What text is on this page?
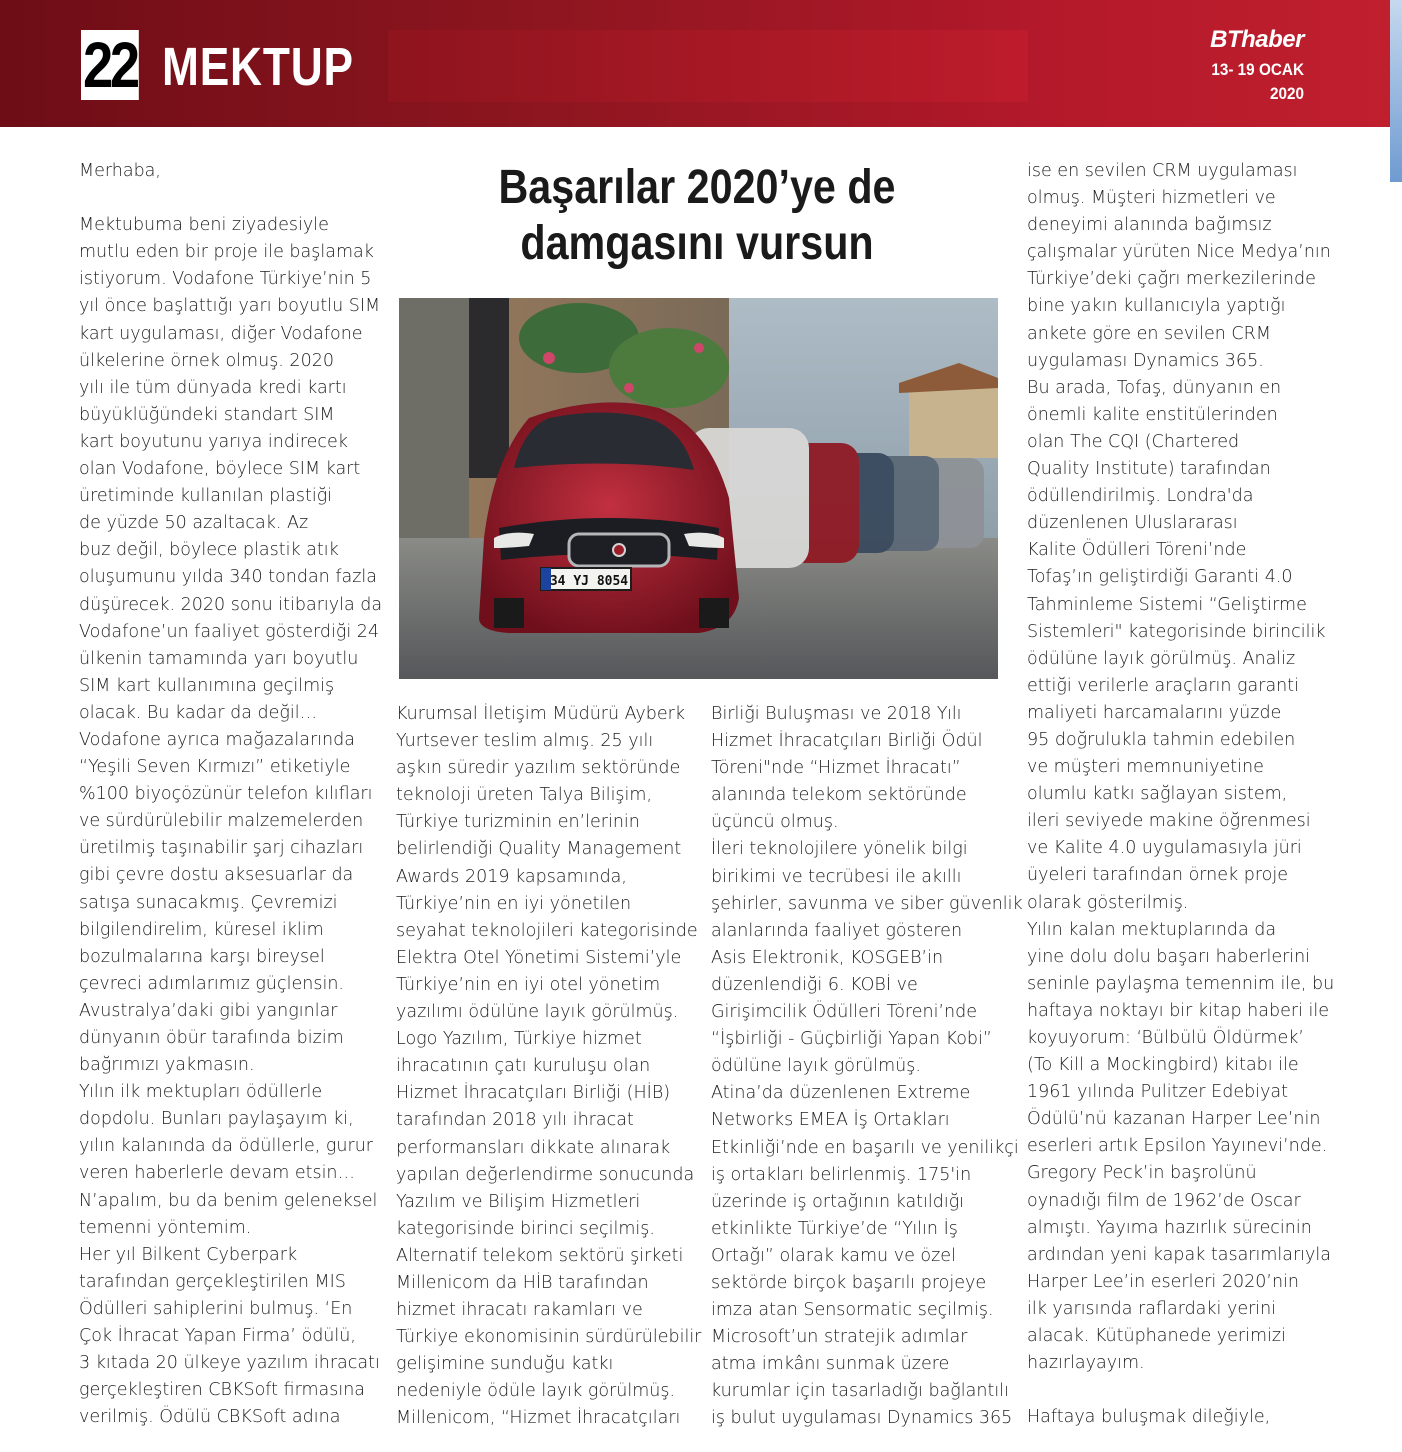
22 MEKTUP	BThaber
13- 19 OCAK
2020
Merhaba,
Mektubuma beni ziyadesiyle
mutlu eden bir proje ile başlamak
istiyorum. Vodafone Türkiye’nin 5
yıl önce başlattığı yarı boyutlu SIM
kart uygulaması, diğer Vodafone
ülkelerine örnek olmuş. 2020
yılı ile tüm dünyada kredi kartı
büyüklüğündeki standart SIM
kart boyutunu yarıya indirecek
olan Vodafone, böylece SIM kart
üretiminde kullanılan plastiği
de yüzde 50 azaltacak. Az
buz değil, böylece plastik atık
oluşumunu yılda 340 tondan fazla
düşürecek. 2020 sonu itibarıyla da
Vodafone’un faaliyet gösterdiği 24
ülkenin tamamında yarı boyutlu
SIM kart kullanımına geçilmiş
olacak. Bu kadar da değil…
Vodafone ayrıca mağazalarında
“Yeşili Seven Kırmızı” etiketiyle
%100 biyoçözünür telefon kılıfları
ve sürdürülebilir malzemelerden
üretilmiş taşınabilir şarj cihazları
gibi çevre dostu aksesuarlar da
satışa sunacakmış. Çevremizi
bilgilendirelim, küresel iklim
bozulmalarına karşı bireysel
çevreci adımlarımız güçlensin.
Avustralya’daki gibi yangınlar
dünyanın öbür tarafında bizim
bağrımızı yakmasın.
Yılın ilk mektupları ödüllerle
dopdolu. Bunları paylaşayım ki,
yılın kalanında da ödüllerle, gurur
veren haberlerle devam etsin…
N’apalım, bu da benim geleneksel
temenni yöntemim.
Her yıl Bilkent Cyberpark
tarafından gerçekleştirilen MIS
Ödülleri sahiplerini bulmuş. ‘En
Çok İhracat Yapan Firma’ ödülü,
3 kıtada 20 ülkeye yazılım ihracatı
gerçekleştiren CBKSoft firmasına
verilmiş. Ödülü CBKSoft adına
Başarılar 2020’ye de
damgasını vursun
34 YJ 8054
Kurumsal İletişim Müdürü Ayberk
Yurtsever teslim almış. 25 yılı
aşkın süredir yazılım sektöründe
teknoloji üreten Talya Bilişim,
Türkiye turizminin en’lerinin
belirlendiği Quality Management
Awards 2019 kapsamında,
Türkiye’nin en iyi yönetilen
seyahat teknolojileri kategorisinde
Elektra Otel Yönetimi Sistemi’yle
Türkiye’nin en iyi otel yönetim
yazılımı ödülüne layık görülmüş.
Logo Yazılım, Türkiye hizmet
ihracatının çatı kuruluşu olan
Hizmet İhracatçıları Birliği (HİB)
tarafından 2018 yılı ihracat
performansları dikkate alınarak
yapılan değerlendirme sonucunda
Yazılım ve Bilişim Hizmetleri
kategorisinde birinci seçilmiş.
Alternatif telekom sektörü şirketi
Millenicom da HİB tarafından
hizmet ihracatı rakamları ve
Türkiye ekonomisinin sürdürülebilir
gelişimine sunduğu katkı
nedeniyle ödüle layık görülmüş.
Millenicom, “Hizmet İhracatçıları
Birliği Buluşması ve 2018 Yılı
Hizmet İhracatçıları Birliği Ödül
Töreni"nde “Hizmet İhracatı”
alanında telekom sektöründe
üçüncü olmuş.
İleri teknolojilere yönelik bilgi
birikimi ve tecrübesi ile akıllı
şehirler, savunma ve siber güvenlik
alanlarında faaliyet gösteren
Asis Elektronik, KOSGEB’in
düzenlendiği 6. KOBİ ve
Girişimcilik Ödülleri Töreni’nde
“İşbirliği - Güçbirliği Yapan Kobi”
ödülüne layık görülmüş.
Atina’da düzenlenen Extreme
Networks EMEA İş Ortakları
Etkinliği’nde en başarılı ve yenilikçi
iş ortakları belirlenmiş. 175'in
üzerinde iş ortağının katıldığı
etkinlikte Türkiye’de “Yılın İş
Ortağı” olarak kamu ve özel
sektörde birçok başarılı projeye
imza atan Sensormatic seçilmiş.
Microsoft’un stratejik adımlar
atma imkânı sunmak üzere
kurumlar için tasarladığı bağlantılı
iş bulut uygulaması Dynamics 365
ise en sevilen CRM uygulaması
olmuş. Müşteri hizmetleri ve
deneyimi alanında bağımsız
çalışmalar yürüten Nice Medya’nın
Türkiye’deki çağrı merkezilerinde
bine yakın kullanıcıyla yaptığı
ankete göre en sevilen CRM
uygulaması Dynamics 365.
Bu arada, Tofaş, dünyanın en
önemli kalite enstitülerinden
olan The CQI (Chartered
Quality Institute) tarafından
ödüllendirilmiş. Londra'da
düzenlenen Uluslararası
Kalite Ödülleri Töreni’nde
Tofaş’ın geliştirdiği Garanti 4.0
Tahminleme Sistemi “Geliştirme
Sistemleri" kategorisinde birincilik
ödülüne layık görülmüş. Analiz
ettiği verilerle araçların garanti
maliyeti harcamalarını yüzde
95 doğrulukla tahmin edebilen
ve müşteri memnuniyetine
olumlu katkı sağlayan sistem,
ileri seviyede makine öğrenmesi
ve Kalite 4.0 uygulamasıyla jüri
üyeleri tarafından örnek proje
olarak gösterilmiş.
Yılın kalan mektuplarında da
yine dolu dolu başarı haberlerini
seninle paylaşma temennim ile, bu
haftaya noktayı bir kitap haberi ile
koyuyorum: ‘Bülbülü Öldürmek’
(To Kill a Mockingbird) kitabı ile
1961 yılında Pulitzer Edebiyat
Ödülü’nü kazanan Harper Lee’nin
eserleri artık Epsilon Yayınevi’nde.
Gregory Peck’in başrolünü
oynadığı film de 1962’de Oscar
almıştı. Yayıma hazırlık sürecinin
ardından yeni kapak tasarımlarıyla
Harper Lee’in eserleri 2020’nin
ilk yarısında raflardaki yerini
alacak. Kütüphanede yerimizi
hazırlayayım.
Haftaya buluşmak dileğiyle,
